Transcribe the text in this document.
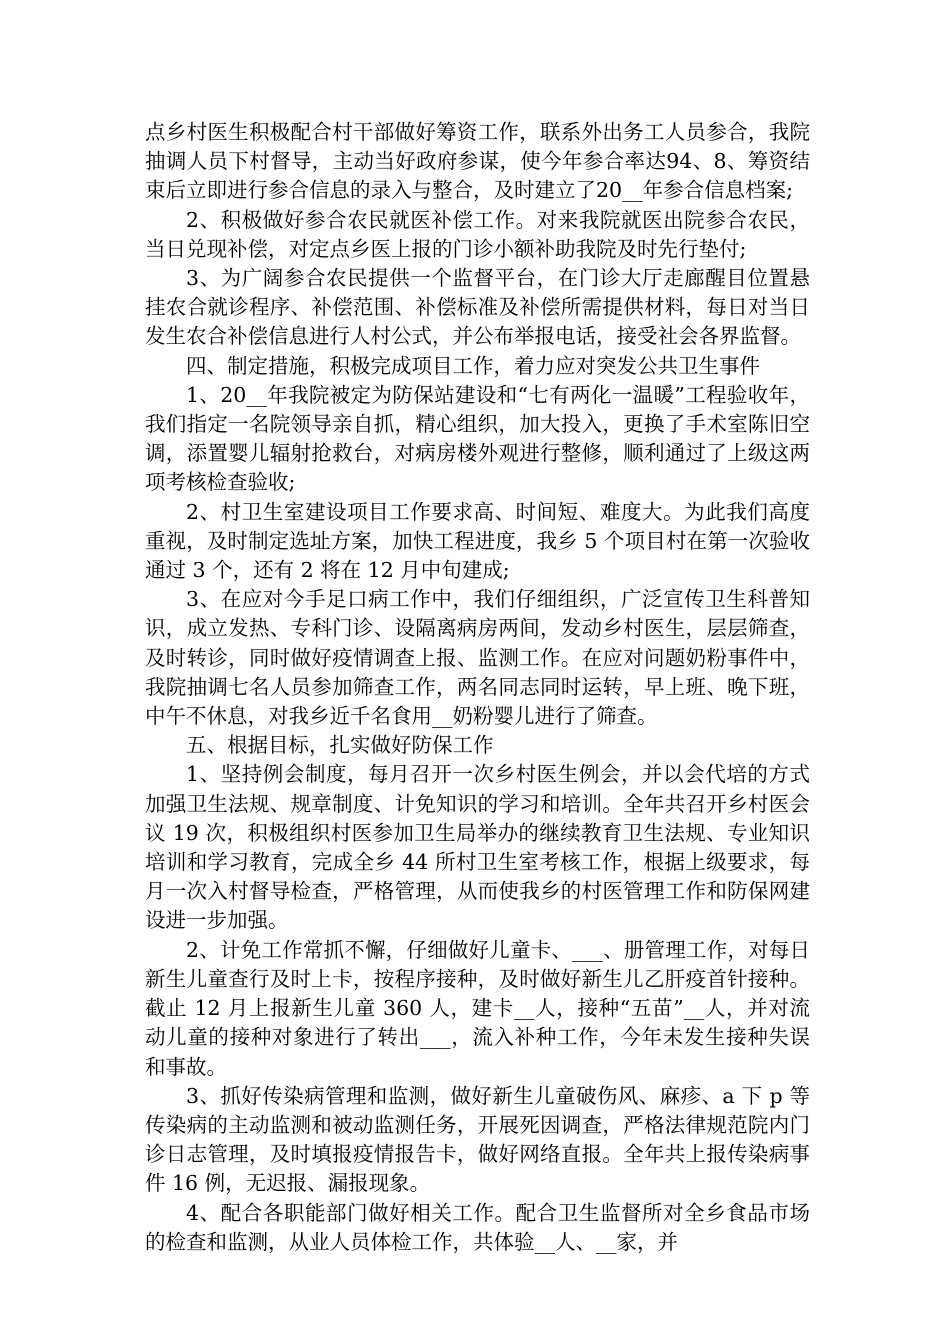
点乡村医生积极配合村干部做好筹资工作，联系外出务工人员参合，我院抽调人员下村督导，主动当好政府参谋，使今年参合率达94、8、筹资结束后立即进行参合信息的录入与整合，及时建立了20__年参合信息档案;

2、积极做好参合农民就医补偿工作。对来我院就医出院参合农民，当日兑现补偿，对定点乡医上报的门诊小额补助我院及时先行垫付;

3、为广阔参合农民提供一个监督平台，在门诊大厅走廊醒目位置悬挂农合就诊程序、补偿范围、补偿标准及补偿所需提供材料，每日对当日发生农合补偿信息进行人村公式，并公布举报电话，接受社会各界监督。

四、制定措施，积极完成项目工作，着力应对突发公共卫生事件

1、20__年我院被定为防保站建设和“七有两化一温暖”工程验收年，我们指定一名院领导亲自抓，精心组织，加大投入，更换了手术室陈旧空调，添置婴儿辐射抢救台，对病房楼外观进行整修，顺利通过了上级这两项考核检查验收;

2、村卫生室建设项目工作要求高、时间短、难度大。为此我们高度重视，及时制定选址方案，加快工程进度，我乡 5 个项目村在第一次验收通过 3 个，还有 2 将在 12 月中旬建成;

3、在应对今手足口病工作中，我们仔细组织，广泛宣传卫生科普知识，成立发热、专科门诊、设隔离病房两间，发动乡村医生，层层筛查，及时转诊，同时做好疫情调查上报、监测工作。在应对问题奶粉事件中，我院抽调七名人员参加筛查工作，两名同志同时运转，早上班、晚下班，中午不休息，对我乡近千名食用__奶粉婴儿进行了筛查。

五、根据目标，扎实做好防保工作

1、坚持例会制度，每月召开一次乡村医生例会，并以会代培的方式加强卫生法规、规章制度、计免知识的学习和培训。全年共召开乡村医会议 19 次，积极组织村医参加卫生局举办的继续教育卫生法规、专业知识培训和学习教育，完成全乡 44 所村卫生室考核工作，根据上级要求，每月一次入村督导检查，严格管理，从而使我乡的村医管理工作和防保网建设进一步加强。

2、计免工作常抓不懈，仔细做好儿童卡、___、册管理工作，对每日新生儿童查行及时上卡，按程序接种，及时做好新生儿乙肝疫首针接种。截止 12 月上报新生儿童 360 人，建卡__人，接种“五苗”__人，并对流动儿童的接种对象进行了转出___，流入补种工作，今年未发生接种失误和事故。

3、抓好传染病管理和监测，做好新生儿童破伤风、麻疹、a 下 p 等传染病的主动监测和被动监测任务，开展死因调查，严格法律规范院内门诊日志管理，及时填报疫情报告卡，做好网络直报。全年共上报传染病事件 16 例，无迟报、漏报现象。

4、配合各职能部门做好相关工作。配合卫生监督所对全乡食品市场的检查和监测，从业人员体检工作，共体验__人、__家，并
